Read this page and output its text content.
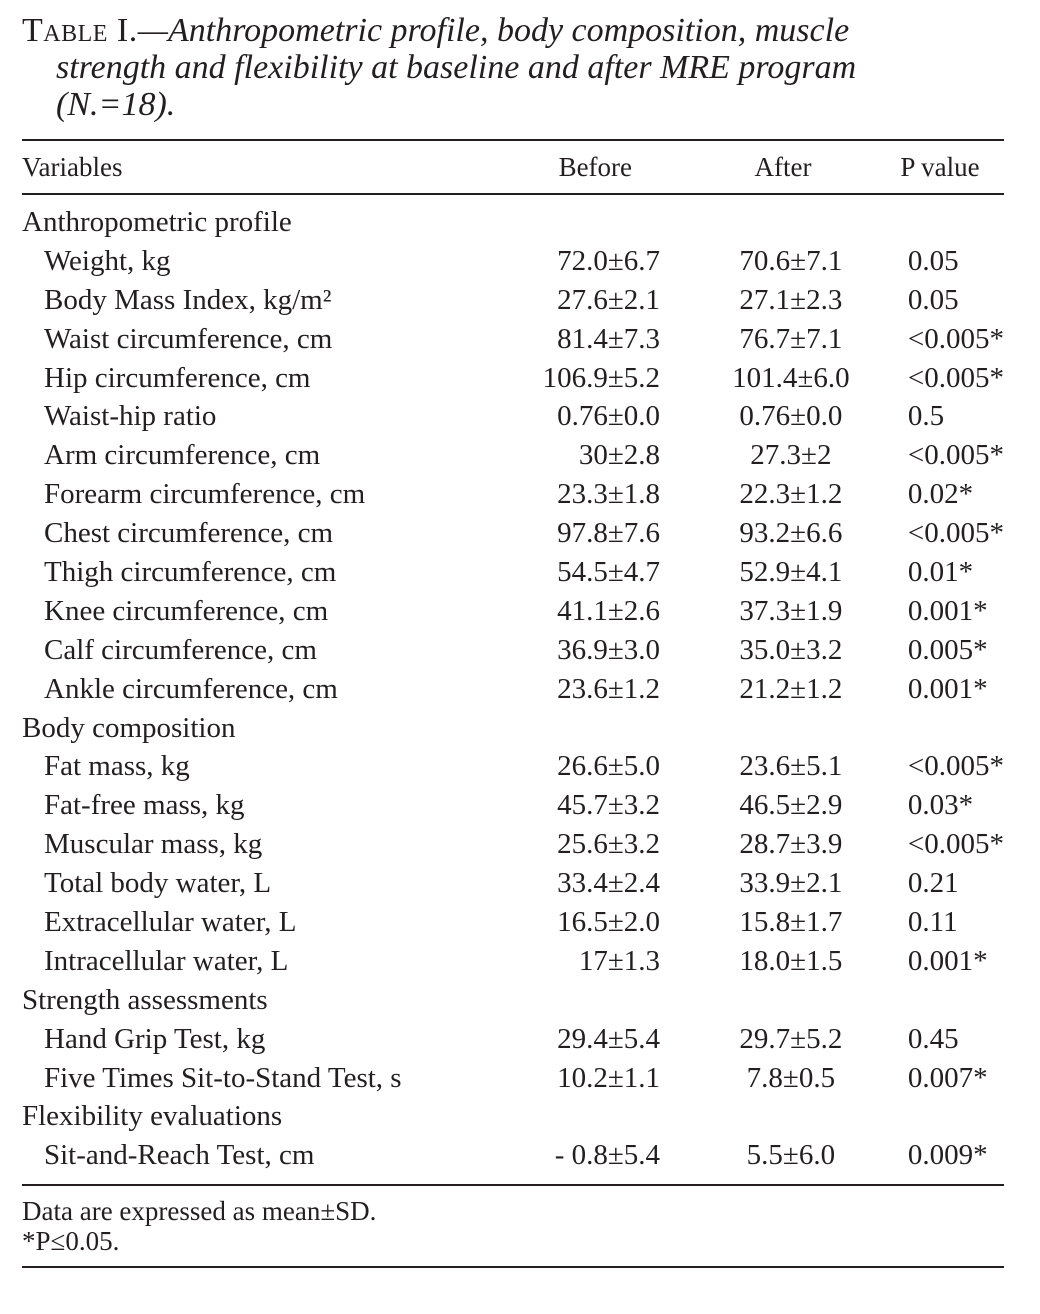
Table I.—Anthropometric profile, body composition, muscle
strength and flexibility at baseline and after MRE program
(N.=18).
Variables	Before	After	P value
Anthropometric profile			
Weight, kg	72.0±6.7	70.6±7.1	0.05
Body Mass Index, kg/m²	27.6±2.1	27.1±2.3	0.05
Waist circumference, cm	81.4±7.3	76.7±7.1	<0.005*
Hip circumference, cm	106.9±5.2	101.4±6.0	<0.005*
Waist-hip ratio	0.76±0.0	0.76±0.0	0.5
Arm circumference, cm	30±2.8	27.3±2	<0.005*
Forearm circumference, cm	23.3±1.8	22.3±1.2	0.02*
Chest circumference, cm	97.8±7.6	93.2±6.6	<0.005*
Thigh circumference, cm	54.5±4.7	52.9±4.1	0.01*
Knee circumference, cm	41.1±2.6	37.3±1.9	0.001*
Calf circumference, cm	36.9±3.0	35.0±3.2	0.005*
Ankle circumference, cm	23.6±1.2	21.2±1.2	0.001*
Body composition			
Fat mass, kg	26.6±5.0	23.6±5.1	<0.005*
Fat-free mass, kg	45.7±3.2	46.5±2.9	0.03*
Muscular mass, kg	25.6±3.2	28.7±3.9	<0.005*
Total body water, L	33.4±2.4	33.9±2.1	0.21
Extracellular water, L	16.5±2.0	15.8±1.7	0.11
Intracellular water, L	17±1.3	18.0±1.5	0.001*
Strength assessments			
Hand Grip Test, kg	29.4±5.4	29.7±5.2	0.45
Five Times Sit-to-Stand Test, s	10.2±1.1	7.8±0.5	0.007*
Flexibility evaluations			
Sit-and-Reach Test, cm	- 0.8±5.4	5.5±6.0	0.009*
Data are expressed as mean±SD.
*P≤0.05.
